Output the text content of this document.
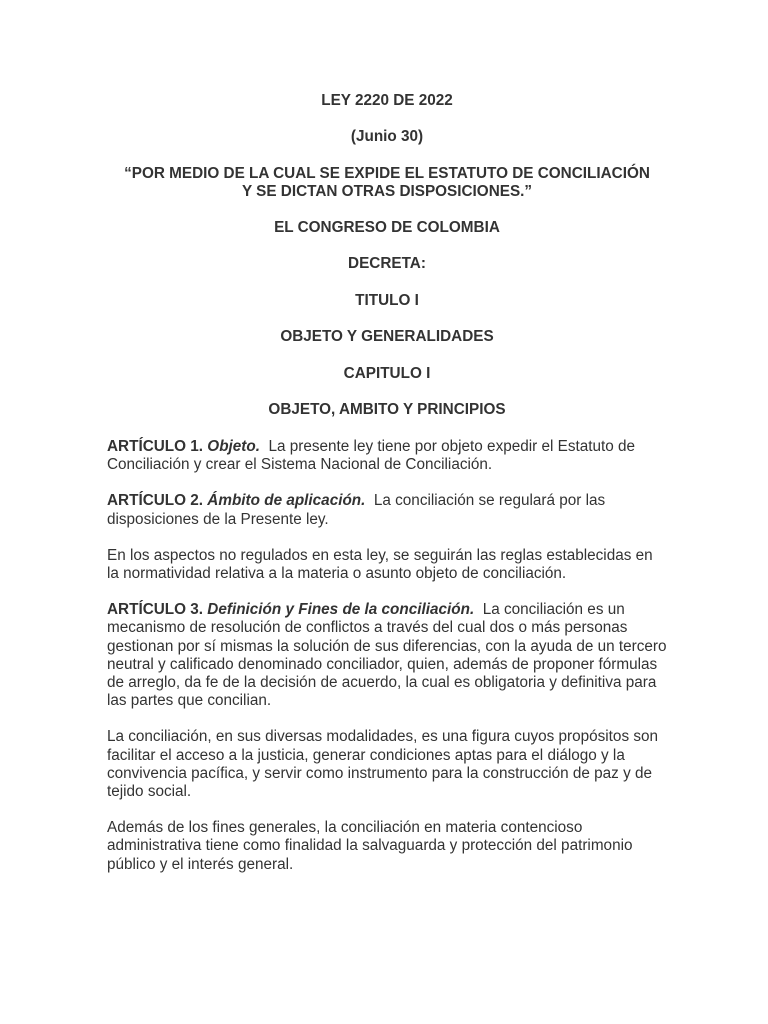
LEY 2220 DE 2022

(Junio 30)

“POR MEDIO DE LA CUAL SE EXPIDE EL ESTATUTO DE CONCILIACIÓN
Y SE DICTAN OTRAS DISPOSICIONES.”

EL CONGRESO DE COLOMBIA

DECRETA:

TITULO I

OBJETO Y GENERALIDADES

CAPITULO I

OBJETO, AMBITO Y PRINCIPIOS

ARTÍCULO 1. Objeto. La presente ley tiene por objeto expedir el Estatuto de Conciliación y crear el Sistema Nacional de Conciliación.

ARTÍCULO 2. Ámbito de aplicación. La conciliación se regulará por las disposiciones de la Presente ley.

En los aspectos no regulados en esta ley, se seguirán las reglas establecidas en la normatividad relativa a la materia o asunto objeto de conciliación.

ARTÍCULO 3. Definición y Fines de la conciliación. La conciliación es un mecanismo de resolución de conflictos a través del cual dos o más personas gestionan por sí mismas la solución de sus diferencias, con la ayuda de un tercero neutral y calificado denominado conciliador, quien, además de proponer fórmulas de arreglo, da fe de la decisión de acuerdo, la cual es obligatoria y definitiva para las partes que concilian.

La conciliación, en sus diversas modalidades, es una figura cuyos propósitos son facilitar el acceso a la justicia, generar condiciones aptas para el diálogo y la convivencia pacífica, y servir como instrumento para la construcción de paz y de tejido social.

Además de los fines generales, la conciliación en materia contencioso administrativa tiene como finalidad la salvaguarda y protección del patrimonio público y el interés general.
